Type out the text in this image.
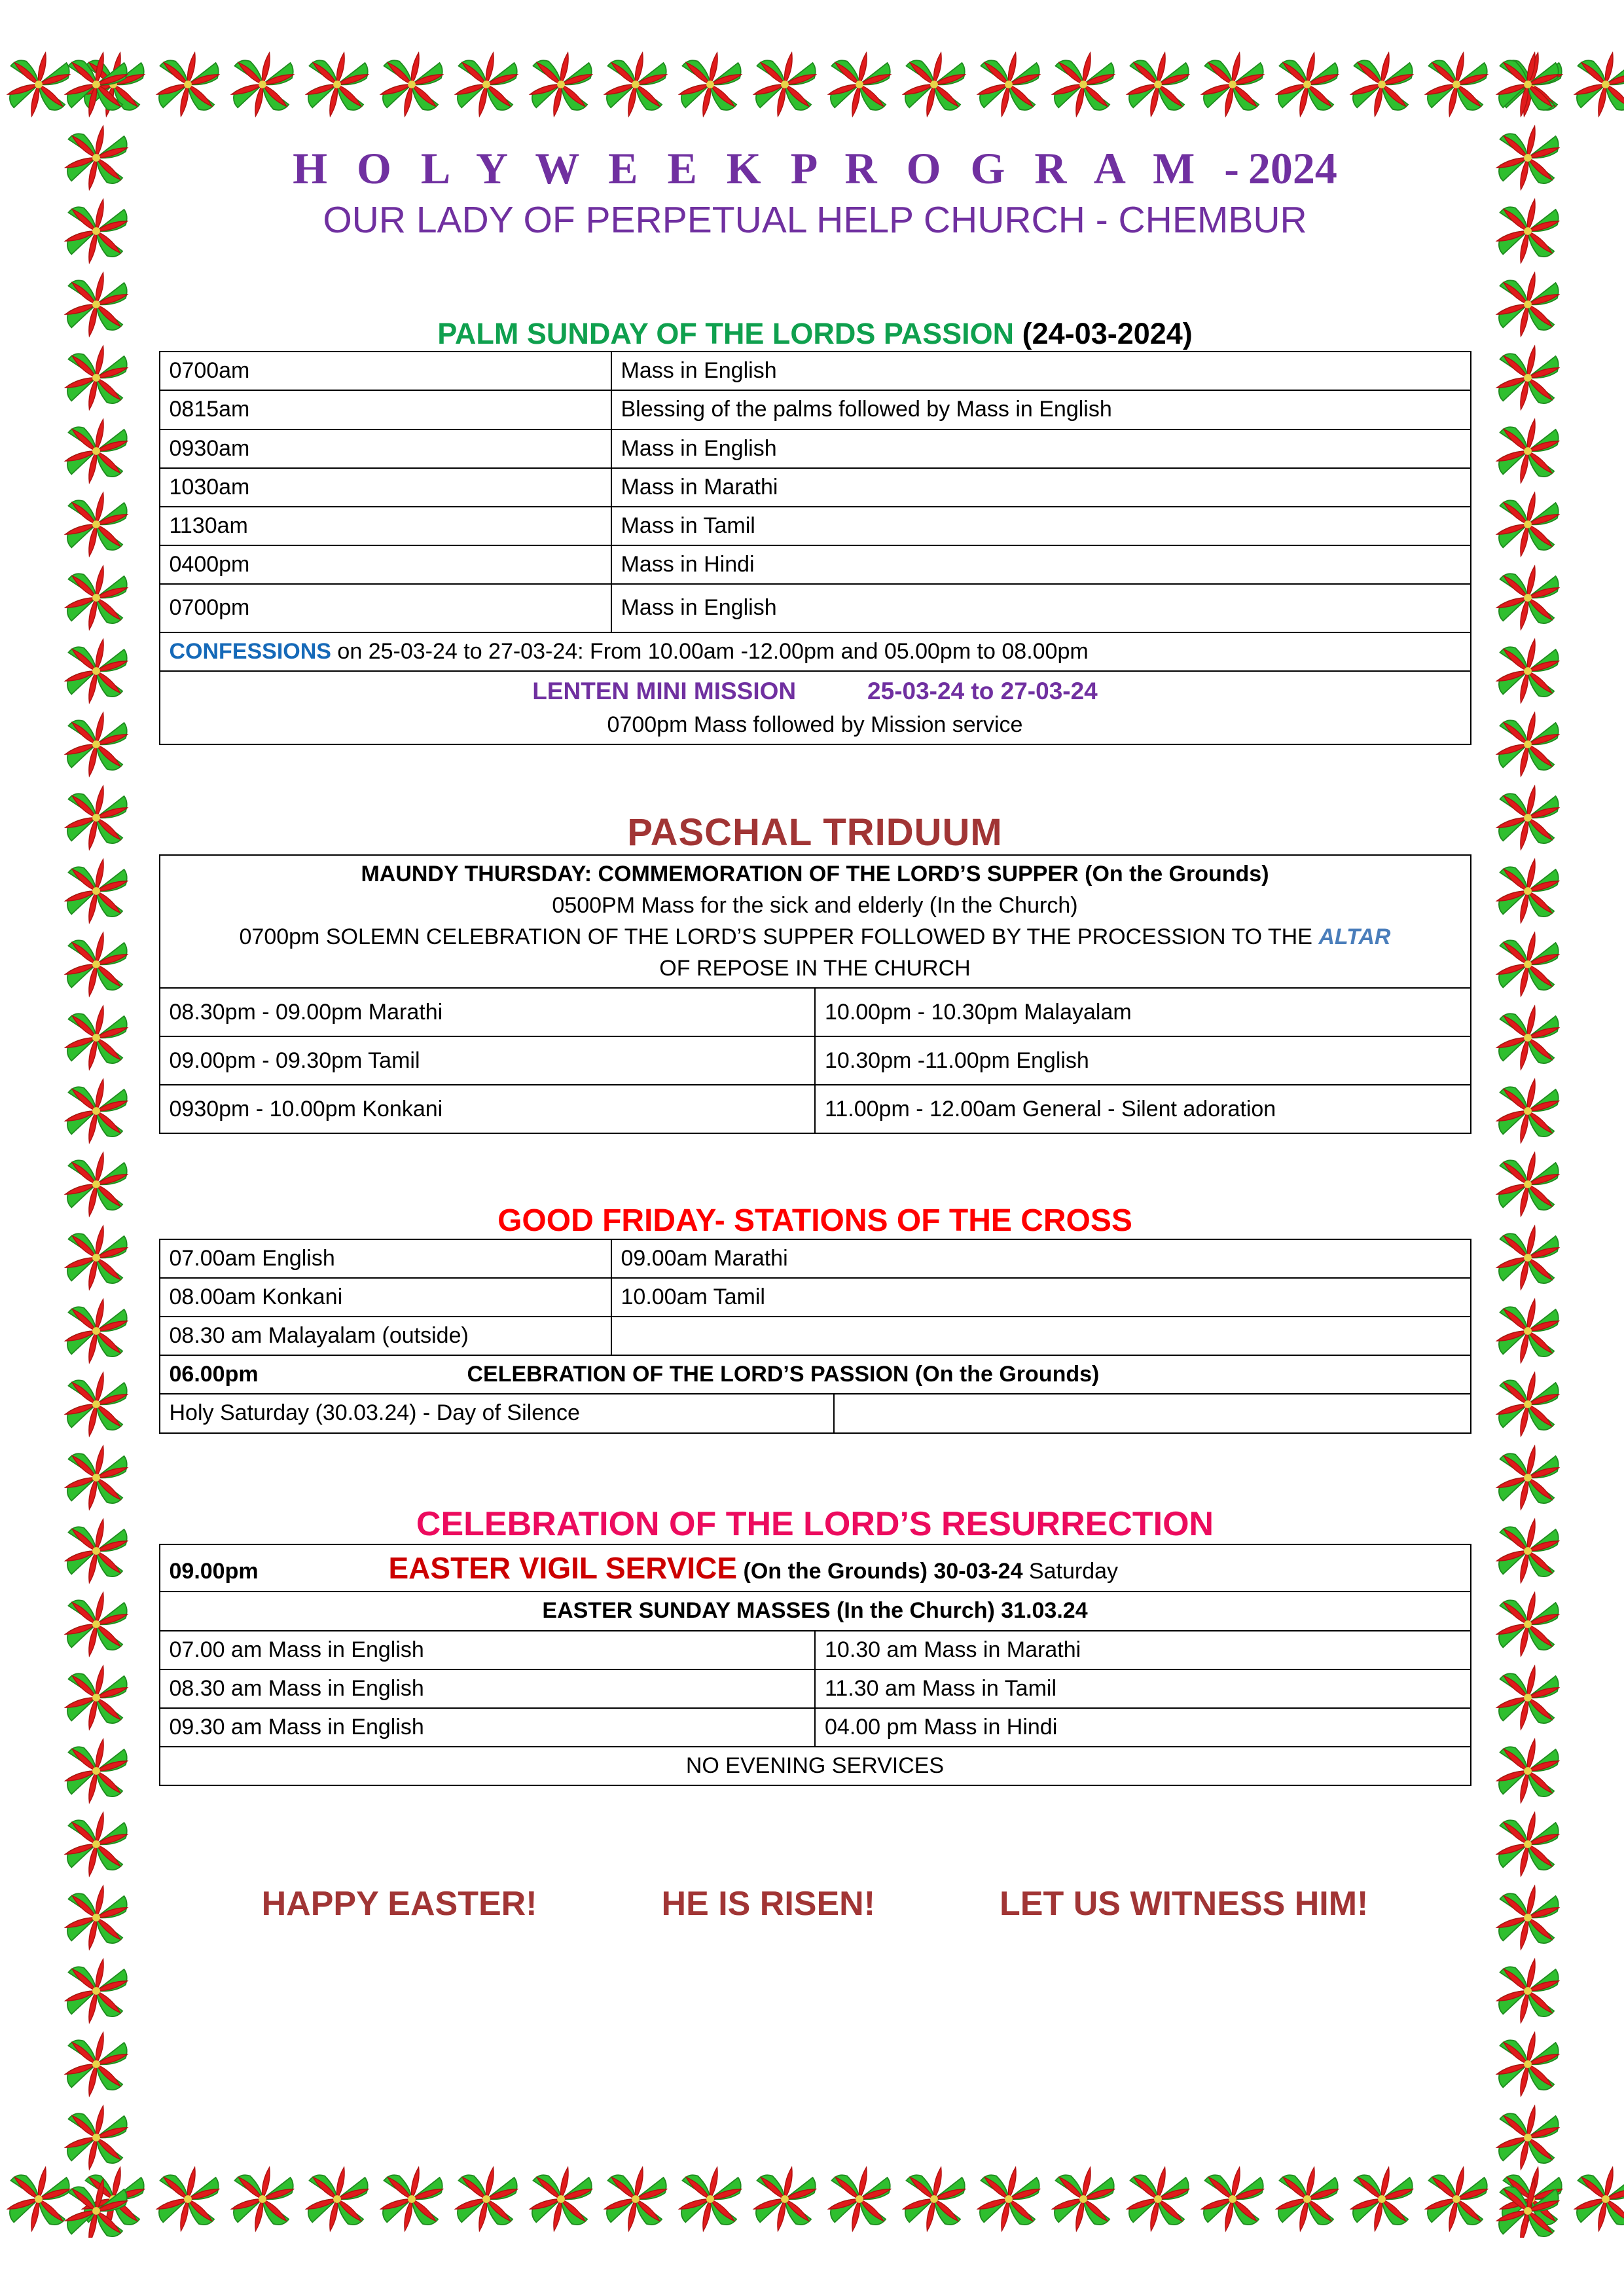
H O L Y W E E K P R O G R A M -2024
OUR LADY OF PERPETUAL HELP CHURCH - CHEMBUR
PALM SUNDAY OF THE LORDS PASSION (24-03-2024)
0700am	Mass in English
0815am	Blessing of the palms followed by Mass in English
0930am	Mass in English
1030am	Mass in Marathi
1130am	Mass in Tamil
0400pm	Mass in Hindi
0700pm	Mass in English
CONFESSIONS on 25-03-24 to 27-03-24: From 10.00am -12.00pm and 05.00pm to 08.00pm	

LENTEN MINI MISSION 25-03-24 to 27-03-24
0700pm Mass followed by Mission service	
PASCHAL TRIDUUM
MAUNDY THURSDAY: COMMEMORATION OF THE LORD’S SUPPER (On the Grounds)
0500PM Mass for the sick and elderly (In the Church)
0700pm SOLEMN CELEBRATION OF THE LORD’S SUPPER FOLLOWED BY THE PROCESSION TO THE ALTAR
OF REPOSE IN THE CHURCH	

08.30pm - 09.00pm Marathi	10.00pm - 10.30pm Malayalam
09.00pm - 09.30pm Tamil	10.30pm -11.00pm English
0930pm - 10.00pm Konkani	11.00pm - 12.00am General - Silent adoration
GOOD FRIDAY- STATIONS OF THE CROSS
07.00am English	09.00am Marathi
08.00am Konkani	10.00am Tamil
08.30 am Malayalam (outside)	
06.00pm CELEBRATION OF THE LORD’S PASSION (On the Grounds)	
Holy Saturday (30.03.24) - Day of Silence	
CELEBRATION OF THE LORD’S RESURRECTION
09.00pm EASTER VIGIL SERVICE (On the Grounds) 30-03-24 Saturday	
EASTER SUNDAY MASSES (In the Church) 31.03.24	
07.00 am Mass in English	10.30 am Mass in Marathi
08.30 am Mass in English	11.30 am Mass in Tamil
09.30 am Mass in English	04.00 pm Mass in Hindi
NO EVENING SERVICES	
HAPPY EASTER!	HE IS RISEN!	LET US WITNESS HIM!
